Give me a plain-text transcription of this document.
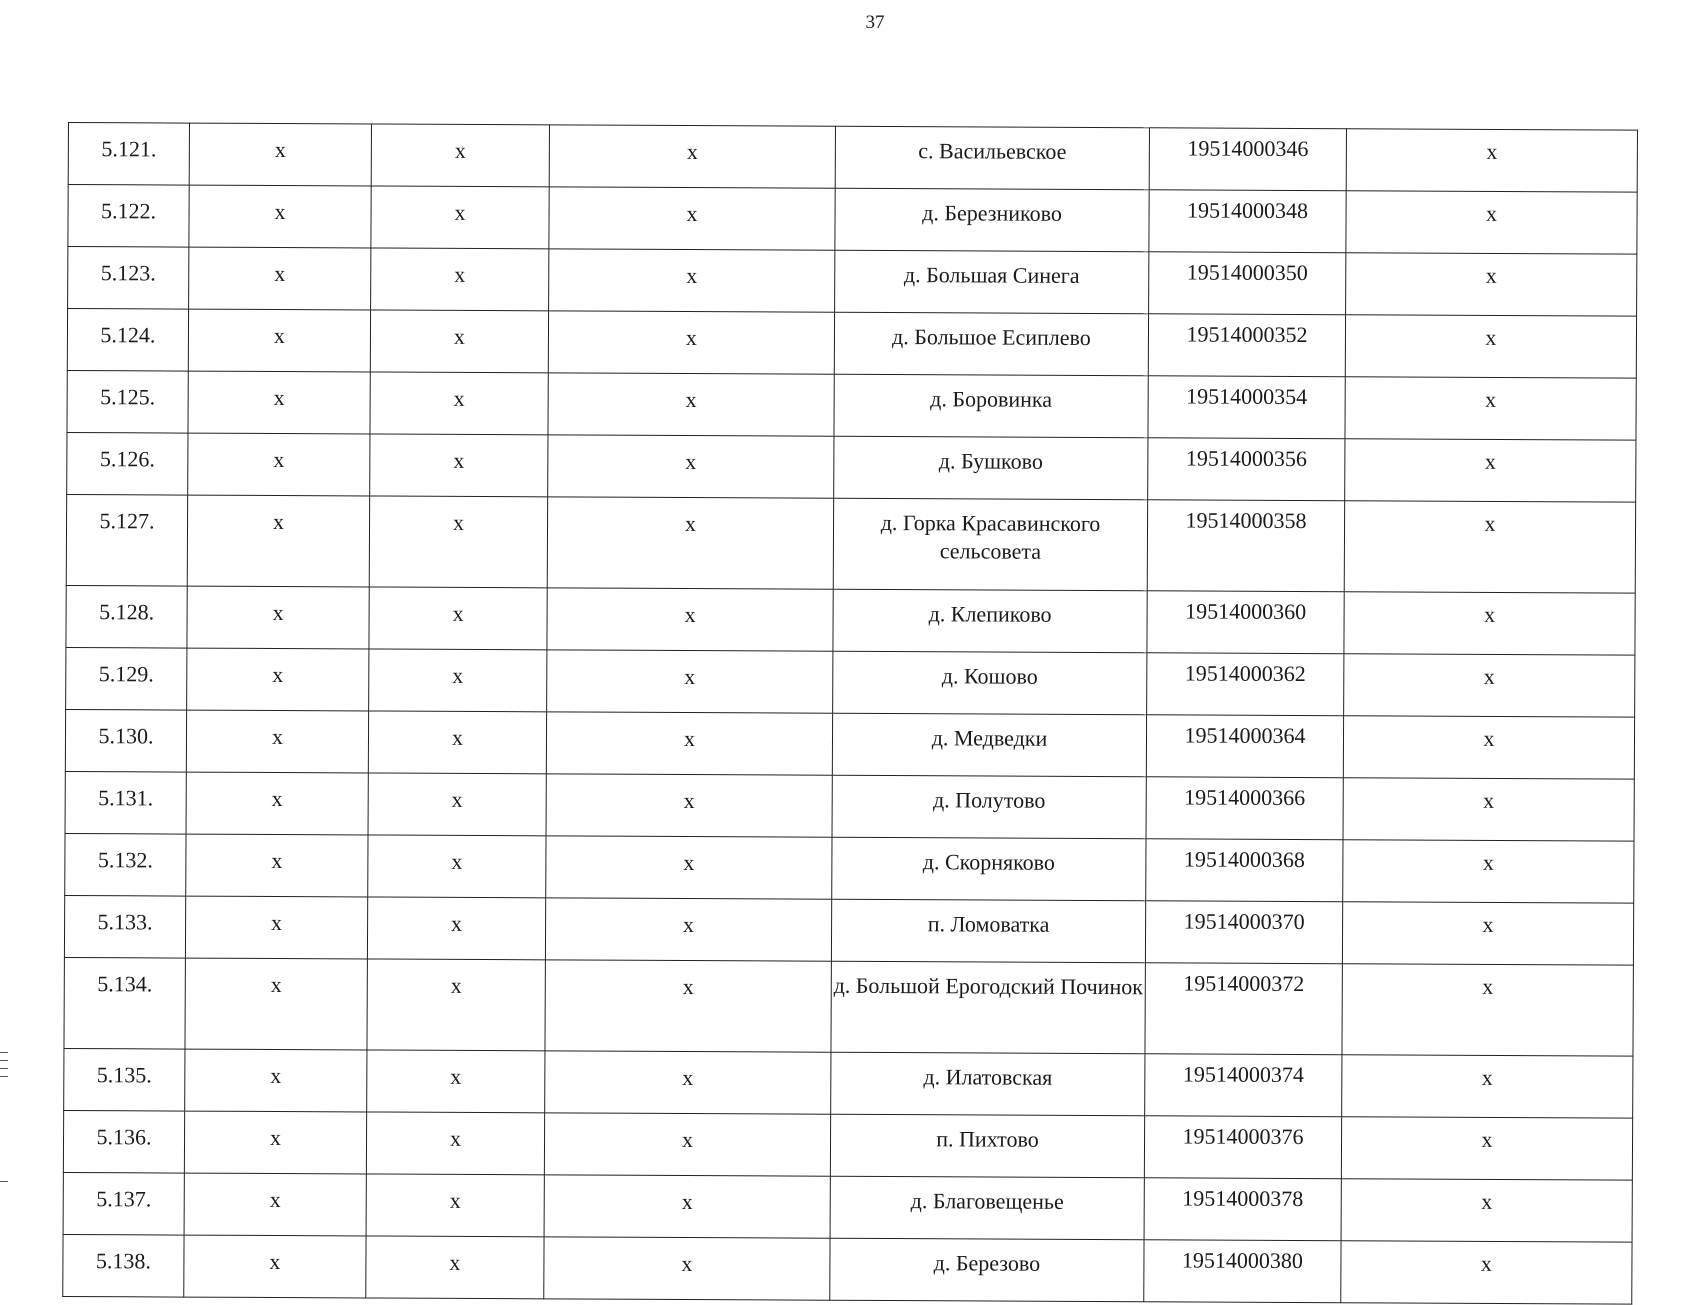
37
5.121.	x	x	x	с. Васильевское	19514000346	x
5.122.	x	x	x	д. Березниково	19514000348	x
5.123.	x	x	x	д. Большая Синега	19514000350	x
5.124.	x	x	x	д. Большое Есиплево	19514000352	x
5.125.	x	x	x	д. Боровинка	19514000354	x
5.126.	x	x	x	д. Бушково	19514000356	x
5.127.	x	x	x	д. Горка Красавинского сельсовета	19514000358	x
5.128.	x	x	x	д. Клепиково	19514000360	x
5.129.	x	x	x	д. Кошово	19514000362	x
5.130.	x	x	x	д. Медведки	19514000364	x
5.131.	x	x	x	д. Полутово	19514000366	x
5.132.	x	x	x	д. Скорняково	19514000368	x
5.133.	x	x	x	п. Ломоватка	19514000370	x
5.134.	x	x	x	д. Большой Ерогодский Починок	19514000372	x
5.135.	x	x	x	д. Илатовская	19514000374	x
5.136.	x	x	x	п. Пихтово	19514000376	x
5.137.	x	x	x	д. Благовещенье	19514000378	x
5.138.	x	x	x	д. Березово	19514000380	x
